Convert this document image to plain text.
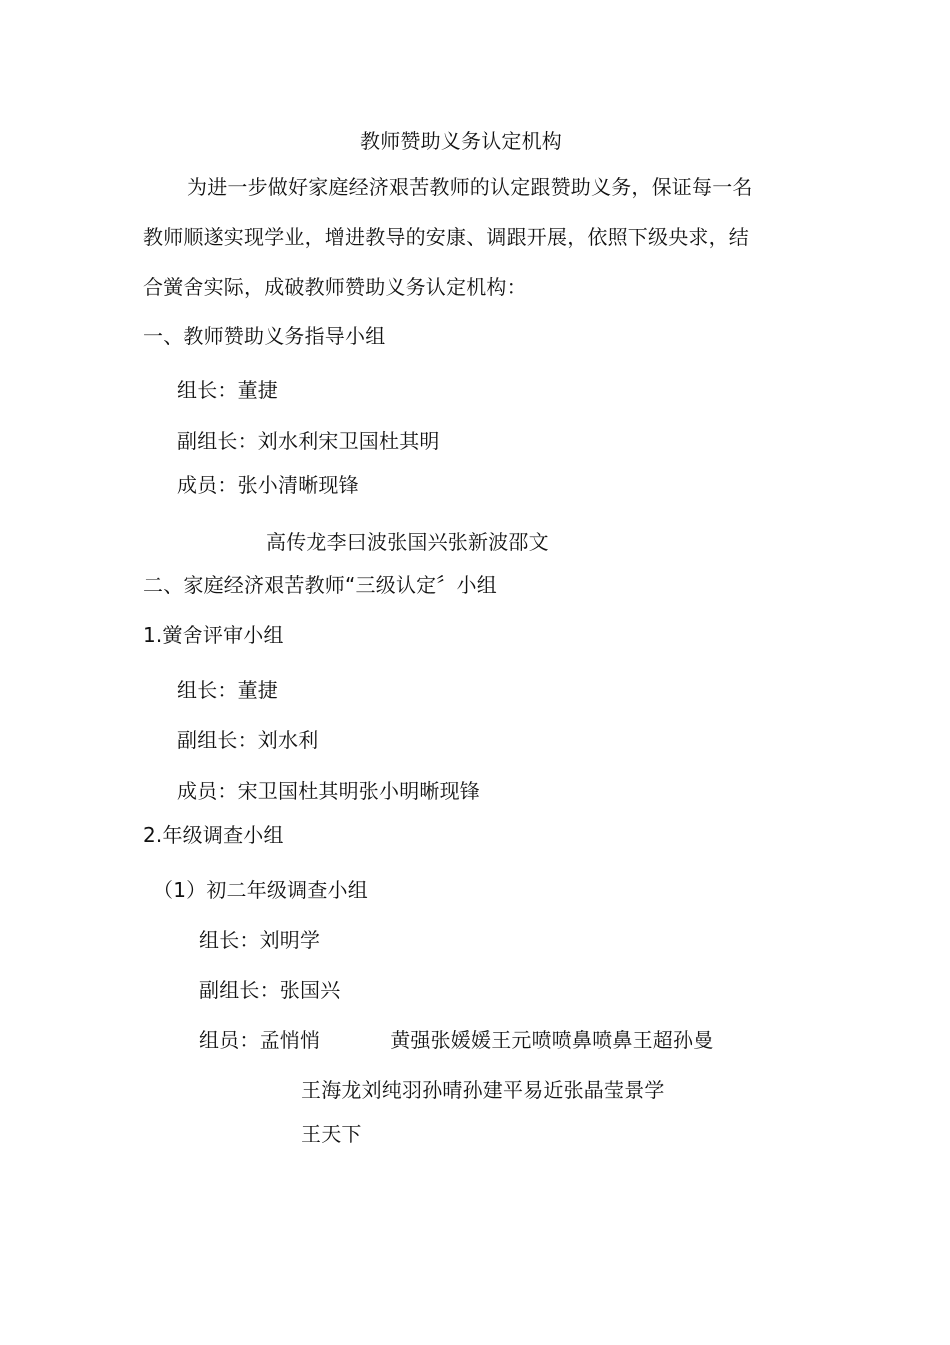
教师赞助义务认定机构
为进一步做好家庭经济艰苦教师的认定跟赞助义务，保证每一名
教师顺遂实现学业，增进教导的安康、调跟开展，依照下级央求，结
合黉舍实际，成破教师赞助义务认定机构：
一、教师赞助义务指导小组
组长：董捷
副组长：刘水利宋卫国杜其明
成员：张小清晰现锋
高传龙李曰波张国兴张新波邵文
二、家庭经济艰苦教师“三级认定〞小组
1.黉舍评审小组
组长：董捷
副组长：刘水利
成员：宋卫国杜其明张小明晰现锋
2.年级调查小组
（1）初二年级调查小组
组长：刘明学
副组长：张国兴
组员：孟悄悄	黄强张媛媛王元喷喷鼻喷鼻王超孙曼
王海龙刘纯羽孙晴孙建平易近张晶莹景学
王天下
